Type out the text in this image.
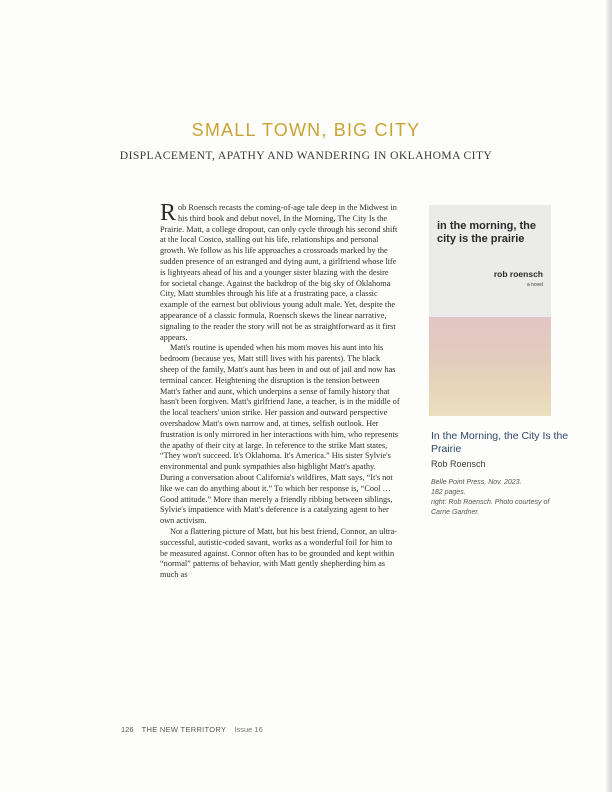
SMALL TOWN, BIG CITY
DISPLACEMENT, APATHY AND WANDERING IN OKLAHOMA CITY

Rob Roensch recasts the coming-of-age tale deep in the Midwest in his third book and debut novel, In the Morning, The City Is the Prairie. Matt, a college dropout, can only cycle through his second shift at the local Costco, stalling out his life, relationships and personal growth. We follow as his life approaches a crossroads marked by the sudden presence of an estranged and dying aunt, a girlfriend whose life is lightyears ahead of his and a younger sister blazing with the desire for societal change. Against the backdrop of the big sky of Oklahoma City, Matt stumbles through his life at a frustrating pace, a classic example of the earnest but oblivious young adult male. Yet, despite the appearance of a classic formula, Roensch skews the linear narrative, signaling to the reader the story will not be as straightforward as it first appears.

Matt's routine is upended when his mom moves his aunt into his bedroom (because yes, Matt still lives with his parents). The black sheep of the family, Matt's aunt has been in and out of jail and now has terminal cancer. Heightening the disruption is the tension between Matt's father and aunt, which underpins a sense of family history that hasn't been forgiven. Matt's girlfriend Jane, a teacher, is in the middle of the local teachers' union strike. Her passion and outward perspective overshadow Matt's own narrow and, at times, selfish outlook. Her frustration is only mirrored in her interactions with him, who represents the apathy of their city at large. In reference to the strike Matt states, “They won't succeed. It's Oklahoma. It's America.” His sister Sylvie's environmental and punk sympathies also highlight Matt's apathy. During a conversation about California's wildfires, Matt says, “It's not like we can do anything about it.” To which her response is, “Cool … Good attitude.” More than merely a friendly ribbing between siblings, Sylvie's impatience with Matt's deference is a catalyzing agent to her own activism.

Not a flattering picture of Matt, but his best friend, Connor, an ultra-successful, autistic-coded savant, works as a wonderful foil for him to be measured against. Connor often has to be grounded and kept within “normal” patterns of behavior, with Matt gently shepherding him as much as

in the morning, the city is the prairie
rob roensch
a novel
In the Morning, the City Is the Prairie
Rob Roensch
Belle Point Press, Nov. 2023.
182 pages.
right: Rob Roensch. Photo courtesy of Carrie Gardner.
126 THE NEW TERRITORY Issue 16
